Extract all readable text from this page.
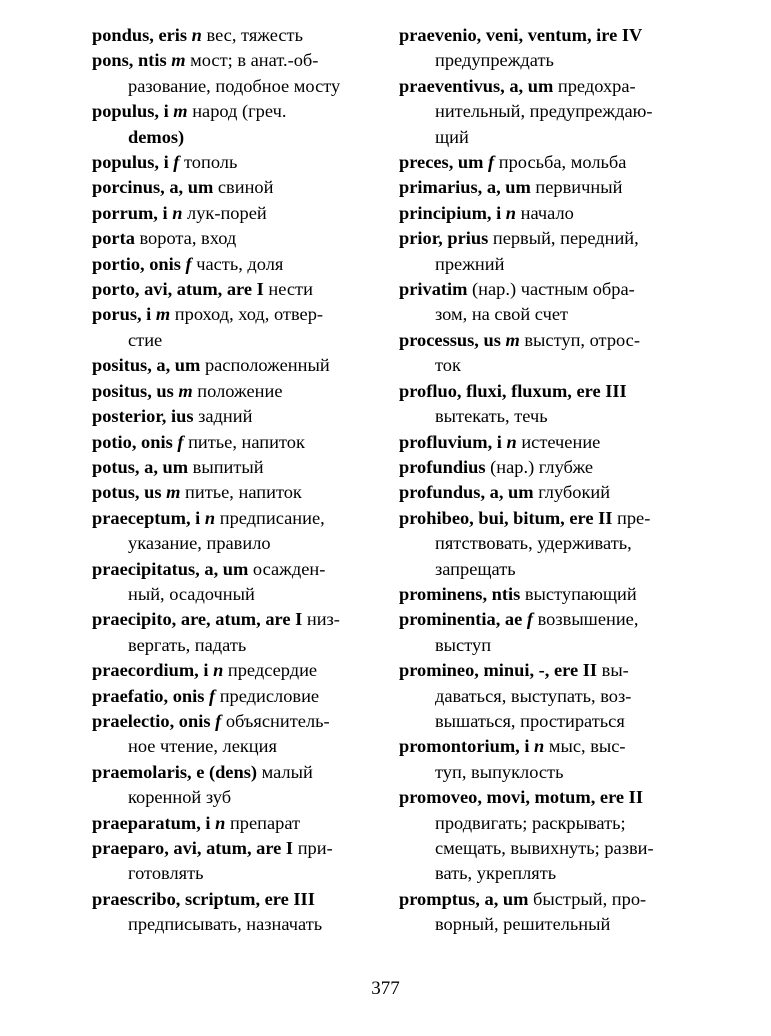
pondus, eris n вес, тяжесть
pons, ntis m мост; в анат.-об-
разование, подобное мосту
populus, i m народ (греч.
demos)
populus, i f тополь
porcinus, a, um свиной
porrum, i n лук-порей
porta ворота, вход
portio, onis f часть, доля
porto, avi, atum, are I нести
porus, i m проход, ход, отвер-
стие
positus, a, um расположенный
positus, us m положение
posterior, ius задний
potio, onis f питье, напиток
potus, a, um выпитый
potus, us m питье, напиток
praeceptum, i n предписание,
указание, правило
praecipitatus, a, um осажден-
ный, осадочный
praecipito, are, atum, are I низ-
вергать, падать
praecordium, i n предсердие
praefatio, onis f предисловие
praelectio, onis f объяснитель-
ное чтение, лекция
praemolaris, e (dens) малый
коренной зуб
praeparatum, i n препарат
praeparo, avi, atum, are I при-
готовлять
praescribo, scriptum, ere III
предписывать, назначать
praevenio, veni, ventum, ire IV
предупреждать
praeventivus, a, um предохра-
нительный, предупреждаю-
щий
preces, um f просьба, мольба
primarius, a, um первичный
principium, i n начало
prior, prius первый, передний,
прежний
privatim (нар.) частным обра-
зом, на свой счет
processus, us m выступ, отрос-
ток
profluo, fluxi, fluxum, ere III
вытекать, течь
profluvium, i n истечение
profundius (нар.) глубже
profundus, a, um глубокий
prohibeo, bui, bitum, ere II пре-
пятствовать, удерживать,
запрещать
prominens, ntis выступающий
prominentia, ae f возвышение,
выступ
promineo, minui, -, ere II вы-
даваться, выступать, воз-
вышаться, простираться
promontorium, i n мыс, выс-
туп, выпуклость
promoveo, movi, motum, ere II
продвигать; раскрывать;
смещать, вывихнуть; разви-
вать, укреплять
promptus, a, um быстрый, про-
ворный, решительный
377
